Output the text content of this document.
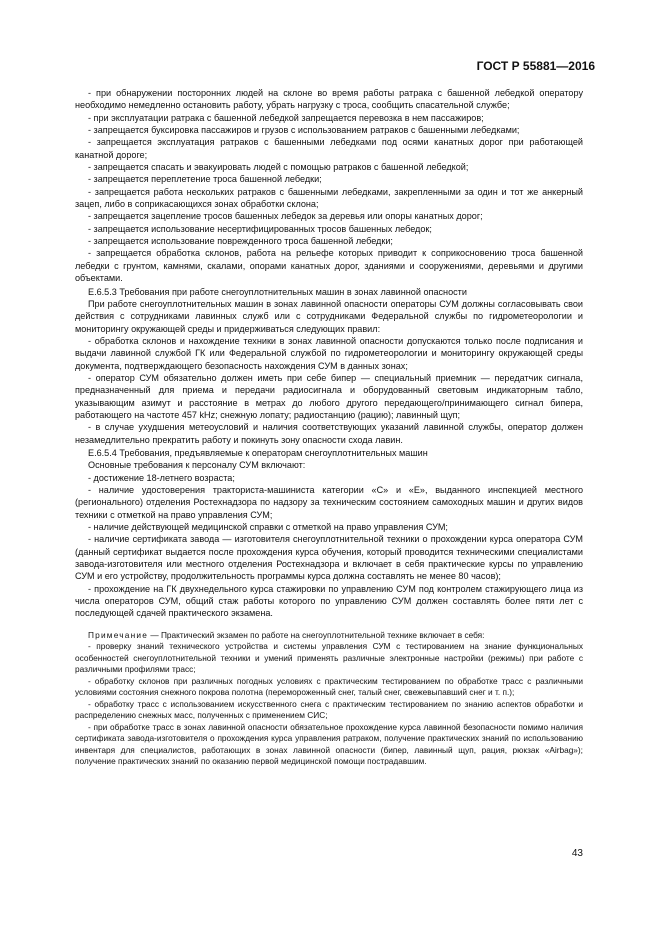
ГОСТ Р 55881—2016

- при обнаружении посторонних людей на склоне во время работы ратрака с башенной лебедкой оператору необходимо немедленно остановить работу, убрать нагрузку с троса, сообщить спасательной службе;

- при эксплуатации ратрака с башенной лебедкой запрещается перевозка в нем пассажиров;

- запрещается буксировка пассажиров и грузов с использованием ратраков с башенными лебедками;

- запрещается эксплуатация ратраков с башенными лебедками под осями канатных дорог при работающей канатной дороге;

- запрещается спасать и эвакуировать людей с помощью ратраков с башенной лебедкой;

- запрещается переплетение троса башенной лебедки;

- запрещается работа нескольких ратраков с башенными лебедками, закрепленными за один и тот же анкерный зацеп, либо в соприкасающихся зонах обработки склона;

- запрещается зацепление тросов башенных лебедок за деревья или опоры канатных дорог;

- запрещается использование несертифицированных тросов башенных лебедок;

- запрещается использование поврежденного троса башенной лебедки;

- запрещается обработка склонов, работа на рельефе которых приводит к соприкосновению троса башенной лебедки с грунтом, камнями, скалами, опорами канатных дорог, зданиями и сооружениями, деревьями и другими объектами.

Е.6.5.3 Требования при работе снегоуплотнительных машин в зонах лавинной опасности

При работе снегоуплотнительных машин в зонах лавинной опасности операторы СУМ должны согласовывать свои действия с сотрудниками лавинных служб или с сотрудниками Федеральной службы по гидрометеорологии и мониторингу окружающей среды и придерживаться следующих правил:

- обработка склонов и нахождение техники в зонах лавинной опасности допускаются только после подписания и выдачи лавинной службой ГК или Федеральной службой по гидрометеорологии и мониторингу окружающей среды документа, подтверждающего безопасность нахождения СУМ в данных зонах;

- оператор СУМ обязательно должен иметь при себе бипер — специальный приемник — передатчик сигнала, предназначенный для приема и передачи радиосигнала и оборудованный световым индикаторным табло, указывающим азимут и расстояние в метрах до любого другого передающего/принимающего сигнал бипера, работающего на частоте 457 kHz; снежную лопату; радиостанцию (рацию); лавинный щуп;

- в случае ухудшения метеоусловий и наличия соответствующих указаний лавинной службы, оператор должен незамедлительно прекратить работу и покинуть зону опасности схода лавин.

Е.6.5.4 Требования, предъявляемые к операторам снегоуплотнительных машин

Основные требования к персоналу СУМ включают:

- достижение 18-летнего возраста;

- наличие удостоверения тракториста-машиниста категории «С» и «Е», выданного инспекцией местного (регионального) отделения Ростехнадзора по надзору за техническим состоянием самоходных машин и других видов техники с отметкой на право управления СУМ;

- наличие действующей медицинской справки с отметкой на право управления СУМ;

- наличие сертификата завода — изготовителя снегоуплотнительной техники о прохождении курса оператора СУМ (данный сертификат выдается после прохождения курса обучения, который проводится техническими специалистами завода-изготовителя или местного отделения Ростехнадзора и включает в себя практические курсы по управлению СУМ и его устройству, продолжительность программы курса должна составлять не менее 80 часов);

- прохождение на ГК двухнедельного курса стажировки по управлению СУМ под контролем стажирующего лица из числа операторов СУМ, общий стаж работы которого по управлению СУМ должен составлять более пяти лет с последующей сдачей практического экзамена.

Примечание — Практический экзамен по работе на снегоуплотнительной технике включает в себя:

- проверку знаний технического устройства и системы управления СУМ с тестированием на знание функциональных особенностей снегоуплотнительной техники и умений применять различные электронные настройки (режимы) при работе с различными профилями трасс;

- обработку склонов при различных погодных условиях с практическим тестированием по обработке трасс с различными условиями состояния снежного покрова полотна (перемороженный снег, талый снег, свежевыпавший снег и т. п.);

- обработку трасс с использованием искусственного снега с практическим тестированием по знанию аспектов обработки и распределению снежных масс, полученных с применением СИС;

- при обработке трасс в зонах лавинной опасности обязательное прохождение курса лавинной безопасности помимо наличия сертификата завода-изготовителя о прохождения курса управления ратраком, получение практических знаний по использованию инвентаря для специалистов, работающих в зонах лавинной опасности (бипер, лавинный щуп, рация, рюкзак «Airbag»); получение практических знаний по оказанию первой медицинской помощи пострадавшим.

43
